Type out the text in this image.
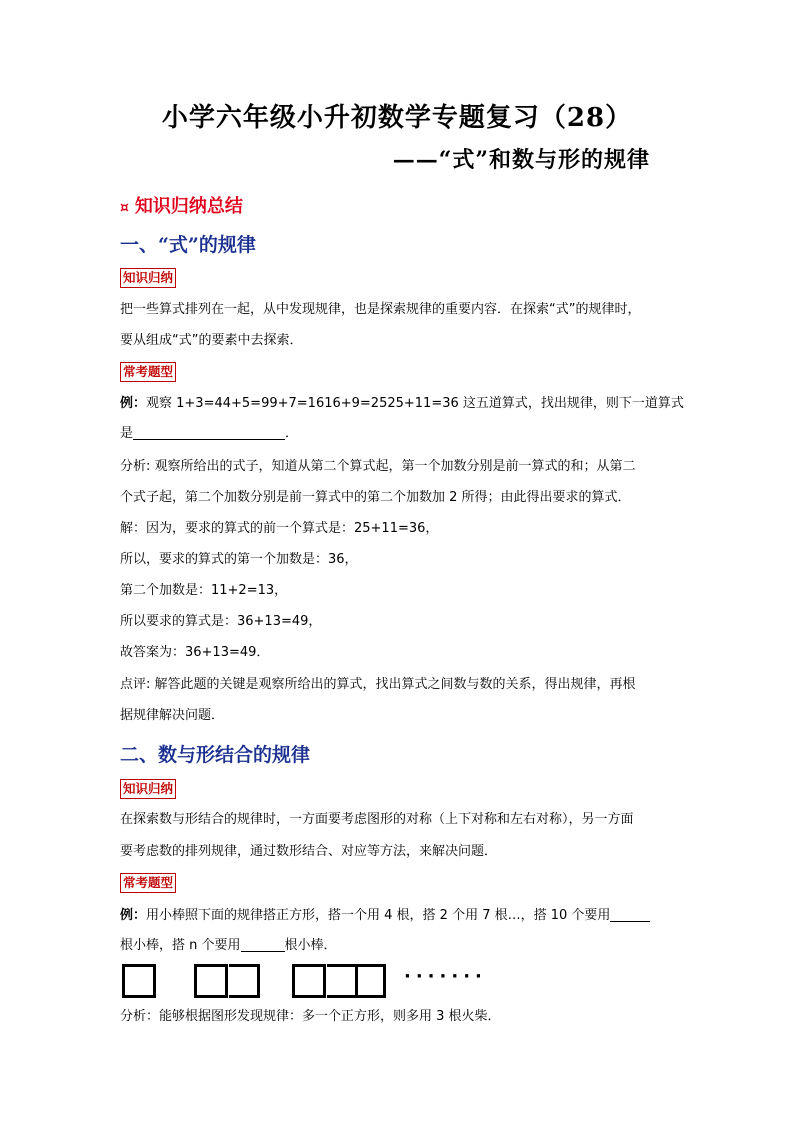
小学六年级小升初数学专题复习（28）
——“式”和数与形的规律
¤ 知识归纳总结
一、“式”的规律
知识归纳
把一些算式排列在一起，从中发现规律，也是探索规律的重要内容．在探索“式”的规律时，
要从组成“式”的要素中去探索．
常考题型
例：观察 1+3=44+5=99+7=1616+9=2525+11=36 这五道算式，找出规律，则下一道算式
是	．
分析: 观察所给出的式子，知道从第二个算式起，第一个加数分别是前一算式的和；从第二
个式子起，第二个加数分别是前一算式中的第二个加数加 2 所得；由此得出要求的算式．
解：因为，要求的算式的前一个算式是：25+11=36，
所以，要求的算式的第一个加数是：36，
第二个加数是：11+2=13，
所以要求的算式是：36+13=49，
故答案为：36+13=49．
点评: 解答此题的关键是观察所给出的算式，找出算式之间数与数的关系，得出规律，再根
据规律解决问题．
二、数与形结合的规律
知识归纳
在探索数与形结合的规律时，一方面要考虑图形的对称（上下对称和左右对称），另一方面
要考虑数的排列规律，通过数形结合、对应等方法，来解决问题．
常考题型
例：用小棒照下面的规律搭正方形，搭一个用 4 根，搭 2 个用 7 根…，搭 10 个要用
根小棒，搭 n 个要用	根小棒．
·······
分析：能够根据图形发现规律：多一个正方形，则多用 3 根火柴．
